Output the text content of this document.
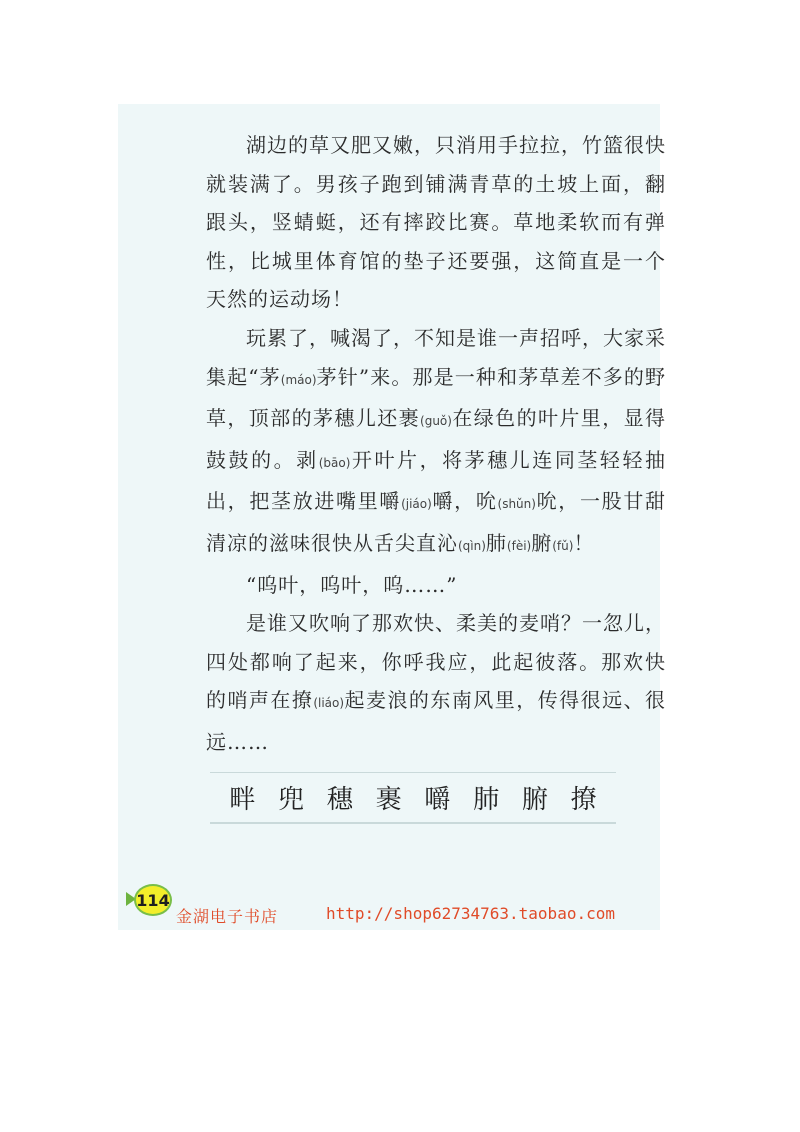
湖边的草又肥又嫩，只消用手拉拉，竹篮很快就装满了。男孩子跑到铺满青草的土坡上面，翻跟头，竖蜻蜓，还有摔跤比赛。草地柔软而有弹性，比城里体育馆的垫子还要强，这简直是一个天然的运动场！

玩累了，喊渴了，不知是谁一声招呼，大家采集起“茅(máo)茅针”来。那是一种和茅草差不多的野草，顶部的茅穗儿还裹(guǒ)在绿色的叶片里，显得鼓鼓的。剥(bāo)开叶片，将茅穗儿连同茎轻轻抽出，把茎放进嘴里嚼(jiáo)嚼，吮(shǔn)吮，一股甘甜清凉的滋味很快从舌尖直沁(qìn)肺(fèi)腑(fǔ)！

“呜叶，呜叶，呜……”

是谁又吹响了那欢快、柔美的麦哨？一忽儿，四处都响了起来，你呼我应，此起彼落。那欢快的哨声在撩(liáo)起麦浪的东南风里，传得很远、很远……

畔 兜 穗 裹 嚼 肺 腑 撩
114
金湖电子书店	http://shop62734763.taobao.com
